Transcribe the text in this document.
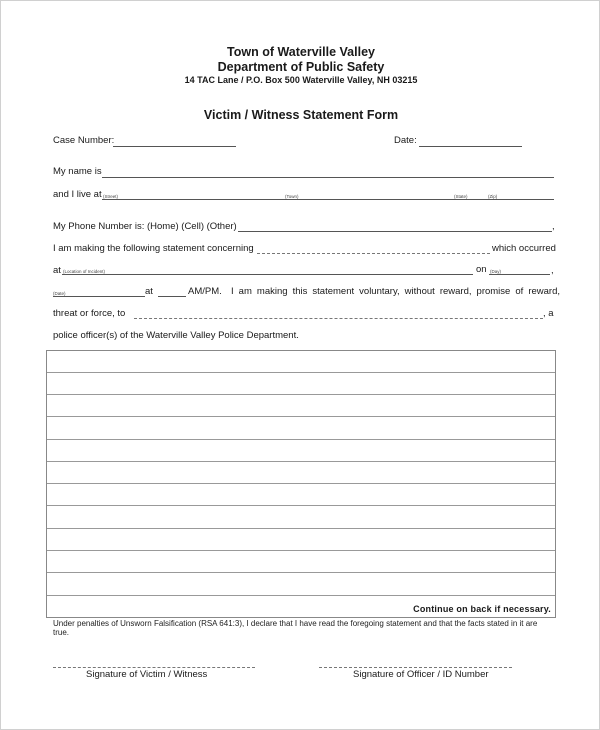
Town of Waterville Valley
Department of Public Safety
14 TAC Lane / P.O. Box 500 Waterville Valley, NH 03215
Victim / Witness Statement Form
Case Number:	Date:
My name is
and I live at (Street)	(Town)	(State)	(Zip)
My Phone Number is: (Home) (Cell) (Other)	,
I am making the following statement concerning	which occurred
at (Location of Incident)	on (Day)	,
(Date)	at	AM/PM. I am making this statement voluntary, without reward, promise of reward,
threat or force, to	, a
police officer(s) of the Waterville Valley Police Department.
Continue on back if necessary.
Under penalties of Unsworn Falsification (RSA 641:3), I declare that I have read the foregoing statement and that the facts stated in it are true.
Signature of Victim / Witness	Signature of Officer / ID Number
